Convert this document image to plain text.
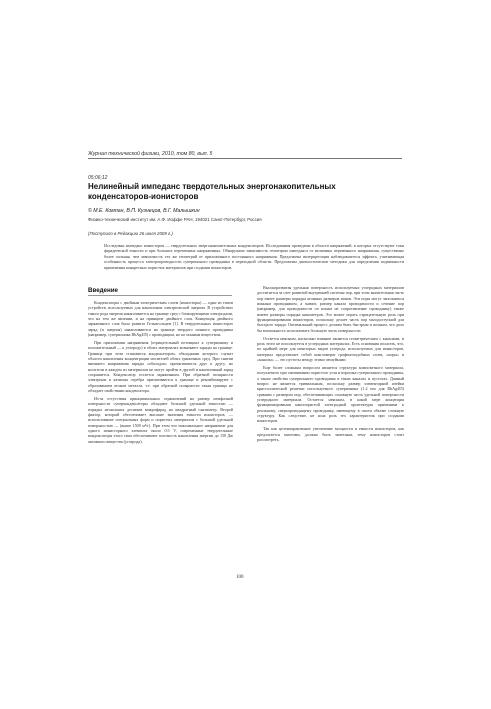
Журнал технической физики, 2010, том 80, вып. 5
05;06;12
Нелинейный импеданс твердотельных энергонакопительных конденсаторов-ионисторов
© М.Е. Компан, В.П. Кузнецов, В.Г. Малышкин
Физико-технический институт им. А.Ф. Иоффе РАН, 194021 Санкт-Петербург, Россия
(Поступило в Редакцию 26 июля 2009 г.)

Исследован импеданс ионисторов — твердотельных энергонакопительных конденсаторов. Исследования проведены в области напряжений, в которых отсутствуют токи фарадеевской емкости и при больших переменных напряжениях. Обнаружена зависимость геометрии импеданса от величины переменного напряжения, существенно более сильная, чем зависимость тех же геометрий от приложенного постоянного напряжения. Предложена интерпретация наблюдавшегося эффекта, учитывающая особенность процесса электропроводности суперионного проводника в переходной области. Предложены диагностические методики для определения подвижности применения конкретных пористых материалов при создании ионисторов.

Введение

Конденсаторы с двойным электрическим слоем (ионисторы) — один из типов устройств, используемых для накопления электрической энергии. В устройствах такого рода энергия накапливается на границе сред с блокирующими электродами, что на тем же явлении, и на принципе двойного слоя. Концепция двойного заряженного слоя была развита Гельмгольцем [1]. В твердотельных ионисторах заряд (и энергия) накапливаются на границе твердого ионного проводника (например, суперионика RbAg4I5) с проводящим, но не ионным веществом.

При приложении напряжения (отрицательный потенциал к суперионику и положительный — к углероду) в обоих материалах возникают заряды на границе. Граница при этом становится конденсатором, обкладками которого служат области накопления концентрации носителей обоих граничных сред. При снятии внешнего напряжения заряды «обкладок» притягиваются друг к другу, но носители в каждом из материалов не могут пройти в другой и накопленный заряд сохраняется. Конденсатор остается заряженным. При обратной полярности электроны и катионы серебра притягиваются к границе и рекомбинируют с образованием атомов металла, т.е. при обратной полярности такая граница не обладает свойствами конденсатора.

Из-за отсутствия принципиальных ограничений на размер межфазной поверхности суперконденсаторы обладают большой удельной емкостью — порядка нескольких десятков микрофарад на квадратный сантиметр. Второй фактор, который обеспечивает высокие значения емкости ионисторов, — использование специальных форм и пористых материалов с большой удельной поверхностью — (выше 1500 м²/г). При этом что максимальное напряжение для одного ионисторного элемента около 0.5 V, современные твердотельные конденсаторы этого типа обеспечивают плотность накопления энергии до 150 Дж активного вещества (углерода).

Высокоразвитая удельная поверхность используемых углеродных материалов достигается за счет развитой внутренней системы пор, при этом значительная часть пор имеет размеры порядка атомных размеров ионов. Эти поры могут заполняться ионным проводником, а значит, размер канала проводимости и сечение пор (например, для проводимости по ионам не сопротивление проводнику) также имеют размеры порядка нанометров. Это может играть отрицательную роль при функционировании ионисторов, поскольку делает часть пор малодоступной для быстрого заряда. Оптимальный процесс должен быть быстрым и полным, что дало бы возможность использовать большую часть поверхности.

Остается неясным, насколько влияние является геометрическим с каналами, и роль этого не используется в углеродных материалах. Есть основания полагать, что, по крайней мере для некоторых видов углерода, используемых для ионисторов, материал представляет собой конгломерат графеноподобных слоев, «поры» и «каналы» — это пустоты между этими чешуйками.

Еще более сложным вопросом является структура композитного материала, получаемого при смешивании пористого угля и порошка суперионного проводника, а также свойства суперионного проводника в таких каналах и пустотах. Данный вопрос не является тривиальным, поскольку размер элементарной ячейки кристаллической решетки используемого суперионика (1.2 nm для RbAg4I5) сравним с размером пор, обеспечивающих основную часть удельной поверхности углеродного материала. Остается неясным, в какой мере концепция функционирования нанопористой электродной архитектуры применима к реальному, сверхпроводящему проводнику, имеющему в своем объеме сложную структуру. Как следствие, не ясна роль тех характеристик при создании ионисторов.

Так как целенаправленное увеличение мощности и емкости ионисторов, как предлагается многими, должно быть заметным, тему ионисторов стоит рассмотреть.

100
